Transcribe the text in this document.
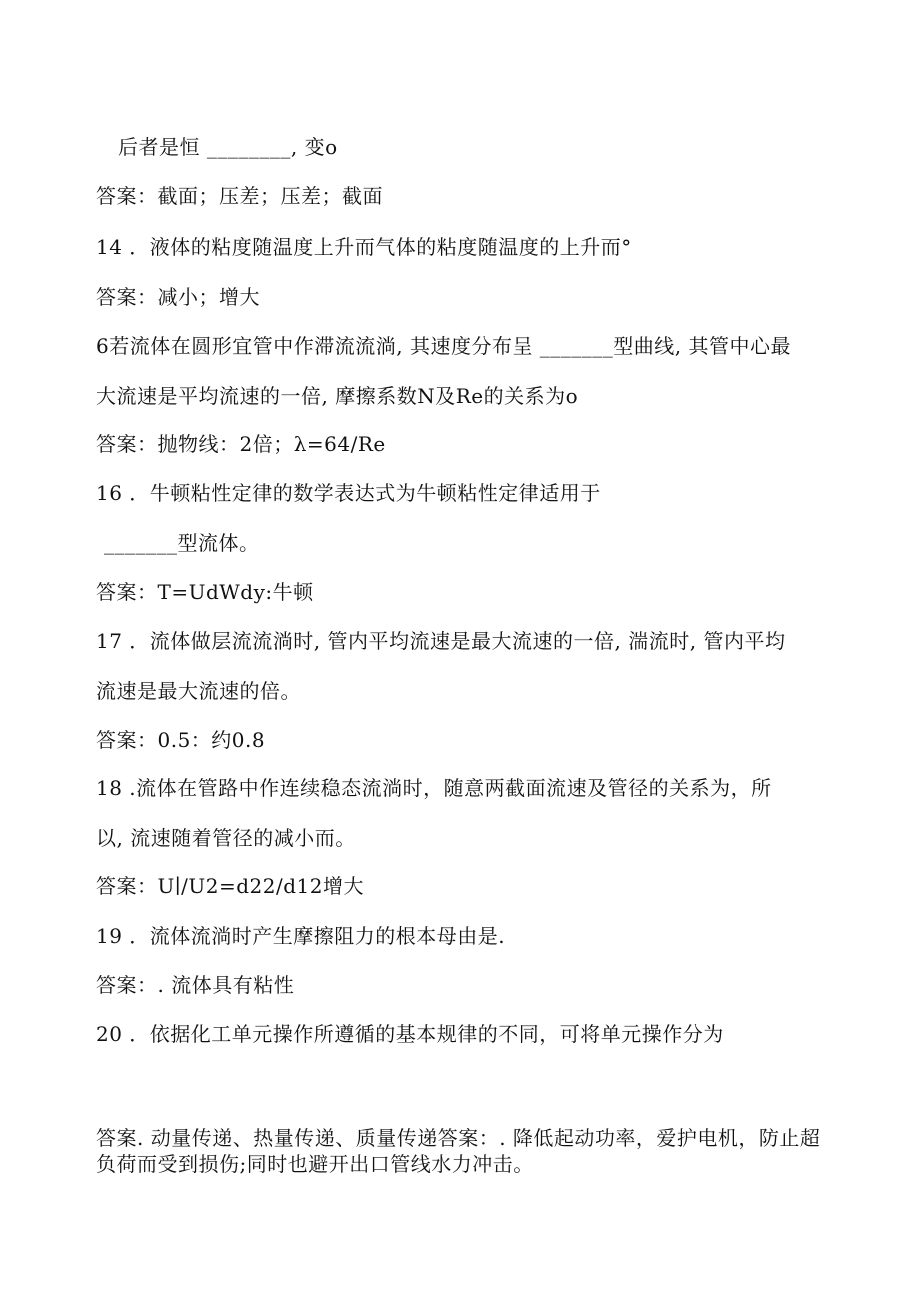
后者是恒 ________, 变o
答案：截面；压差；压差；截面
14 ．液体的粘度随温度上升而气体的粘度随温度的上升而°
答案：减小；增大
6若流体在圆形宜管中作滞流流淌, 其速度分布呈 _______型曲线, 其管中心最
大流速是平均流速的一倍, 摩擦系数N及Re的关系为o
答案：抛物线：2倍；λ=64∕Re
16 ．牛顿粘性定律的数学表达式为牛顿粘性定律适用于
_______型流体。
答案：T=UdWdy:牛顿
17 ．流体做层流流淌时, 管内平均流速是最大流速的一倍, 湍流时, 管内平均
流速是最大流速的倍。
答案：0.5：约0.8
18 .流体在管路中作连续稳态流淌时，随意两截面流速及管径的关系为，所
以, 流速随着管径的减小而。
答案：U∣∕U2=d22∕d12增大
19 ．流体流淌时产生摩擦阻力的根本母由是.
答案：. 流体具有粘性
20 ．依据化工单元操作所遵循的基本规律的不同，可将单元操作分为
答案. 动量传递、热量传递、质量传递答案：. 降低起动功率，爱护电机，防止超负荷而受到损伤;同时也避开出口管线水力冲击。
